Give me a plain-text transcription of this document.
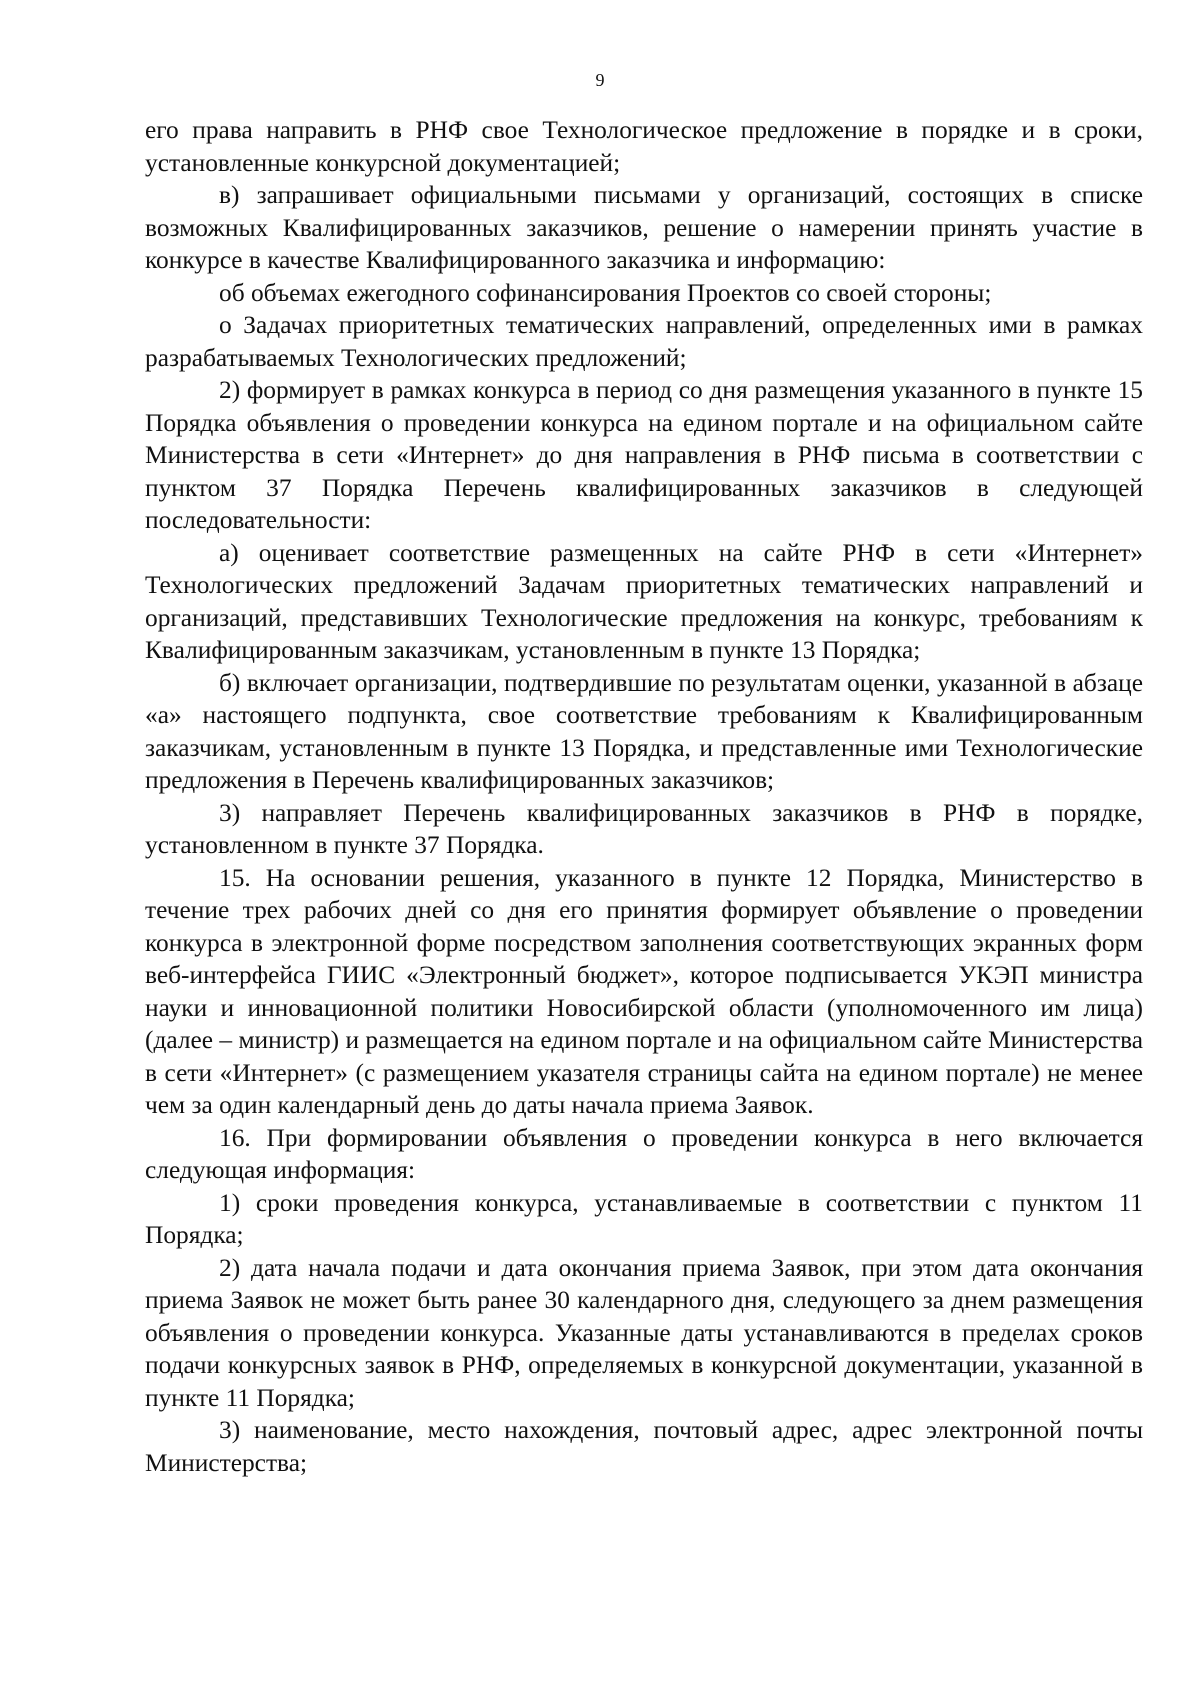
9

его права направить в РНФ свое Технологическое предложение в порядке и в сроки, установленные конкурсной документацией;

в) запрашивает официальными письмами у организаций, состоящих в списке возможных Квалифицированных заказчиков, решение о намерении принять участие в конкурсе в качестве Квалифицированного заказчика и информацию:

об объемах ежегодного софинансирования Проектов со своей стороны;

о Задачах приоритетных тематических направлений, определенных ими в рамках разрабатываемых Технологических предложений;

2) формирует в рамках конкурса в период со дня размещения указанного в пункте 15 Порядка объявления о проведении конкурса на едином портале и на официальном сайте Министерства в сети «Интернет» до дня направления в РНФ письма в соответствии с пунктом 37 Порядка Перечень квалифицированных заказчиков в следующей последовательности:

а) оценивает соответствие размещенных на сайте РНФ в сети «Интернет» Технологических предложений Задачам приоритетных тематических направлений и организаций, представивших Технологические предложения на конкурс, требованиям к Квалифицированным заказчикам, установленным в пункте 13 Порядка;

б) включает организации, подтвердившие по результатам оценки, указанной в абзаце «а» настоящего подпункта, свое соответствие требованиям к Квалифицированным заказчикам, установленным в пункте 13 Порядка, и представленные ими Технологические предложения в Перечень квалифицированных заказчиков;

3) направляет Перечень квалифицированных заказчиков в РНФ в порядке, установленном в пункте 37 Порядка.

15. На основании решения, указанного в пункте 12 Порядка, Министерство в течение трех рабочих дней со дня его принятия формирует объявление о проведении конкурса в электронной форме посредством заполнения соответствующих экранных форм веб-интерфейса ГИИС «Электронный бюджет», которое подписывается УКЭП министра науки и инновационной политики Новосибирской области (уполномоченного им лица) (далее – министр) и размещается на едином портале и на официальном сайте Министерства в сети «Интернет» (с размещением указателя страницы сайта на едином портале) не менее чем за один календарный день до даты начала приема Заявок.

16. При формировании объявления о проведении конкурса в него включается следующая информация:

1) сроки проведения конкурса, устанавливаемые в соответствии с пунктом 11 Порядка;

2) дата начала подачи и дата окончания приема Заявок, при этом дата окончания приема Заявок не может быть ранее 30 календарного дня, следующего за днем размещения объявления о проведении конкурса. Указанные даты устанавливаются в пределах сроков подачи конкурсных заявок в РНФ, определяемых в конкурсной документации, указанной в пункте 11 Порядка;

3) наименование, место нахождения, почтовый адрес, адрес электронной почты Министерства;
